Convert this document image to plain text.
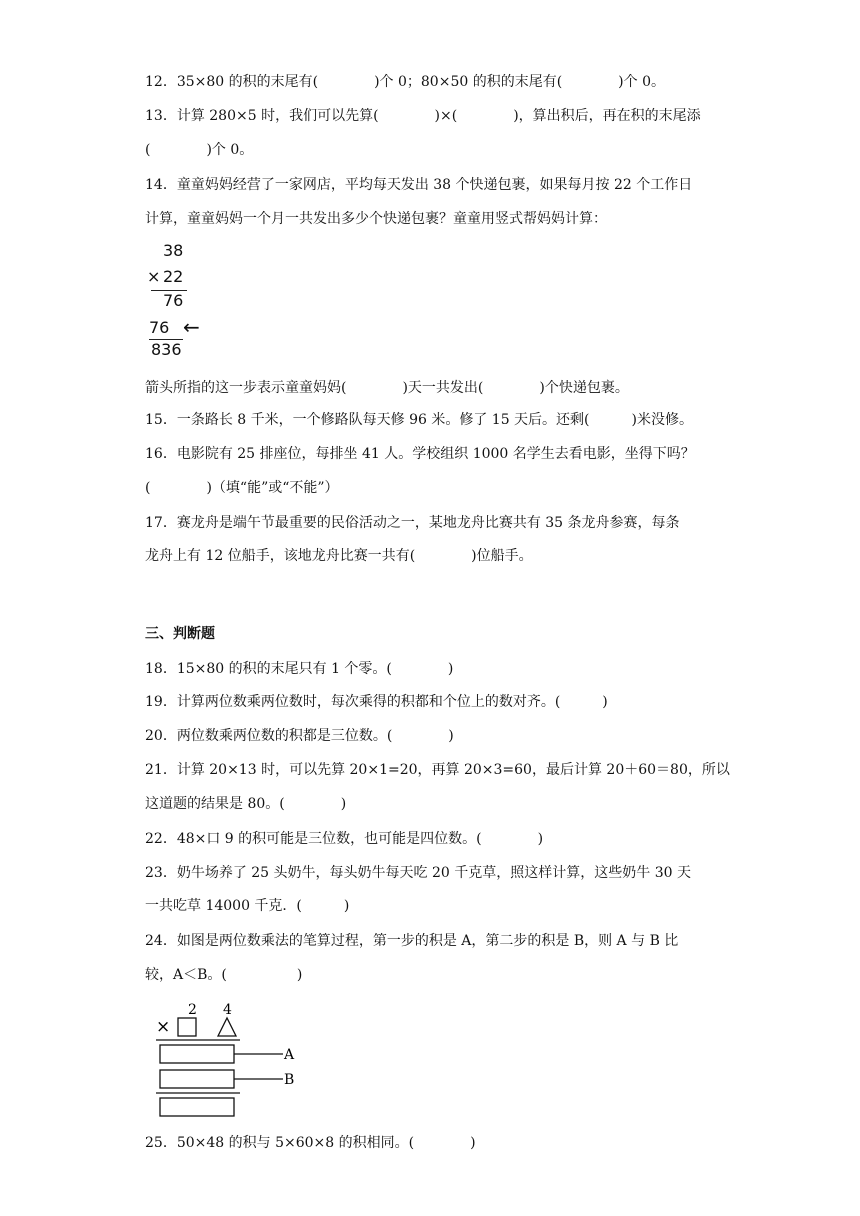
12．35×80 的积的末尾有(　　　　)个 0；80×50 的积的末尾有(　　　　)个 0。
13．计算 280×5 时，我们可以先算(　　　　)×(　　　　)，算出积后，再在积的末尾添
(　　　　)个 0。
14．童童妈妈经营了一家网店，平均每天发出 38 个快递包裹，如果每月按 22 个工作日
计算，童童妈妈一个月一共发出多少个快递包裹？童童用竖式帮妈妈计算：
38
× 22
76
76 ←
836
箭头所指的这一步表示童童妈妈(　　　　)天一共发出(　　　　)个快递包裹。
15．一条路长 8 千米，一个修路队每天修 96 米。修了 15 天后。还剩(　　　)米没修。
16．电影院有 25 排座位，每排坐 41 人。学校组织 1000 名学生去看电影，坐得下吗？
(　　　　)（填“能”或“不能”）
17．赛龙舟是端午节最重要的民俗活动之一，某地龙舟比赛共有 35 条龙舟参赛，每条
龙舟上有 12 位船手，该地龙舟比赛一共有(　　　　)位船手。
三、判断题
18．15×80 的积的末尾只有 1 个零。(　　　　)
19．计算两位数乘两位数时，每次乘得的积都和个位上的数对齐。(　　　)
20．两位数乘两位数的积都是三位数。(　　　　)
21．计算 20×13 时，可以先算 20×1=20，再算 20×3=60，最后计算 20＋60＝80，所以
这道题的结果是 80。(　　　　)
22．48×口 9 的积可能是三位数，也可能是四位数。(　　　　)
23．奶牛场养了 25 头奶牛，每头奶牛每天吃 20 千克草，照这样计算，这些奶牛 30 天
一共吃草 14000 千克．(　　　)
24．如图是两位数乘法的笔算过程，第一步的积是 A，第二步的积是 B，则 A 与 B 比
较，A＜B。(　　　　　)
2 4
×
A
B
25．50×48 的积与 5×60×8 的积相同。(　　　　)
